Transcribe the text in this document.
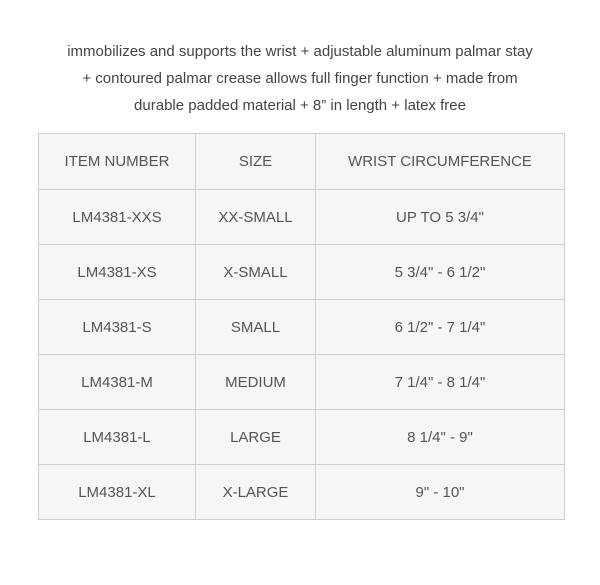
immobilizes and supports the wrist + adjustable aluminum palmar stay
+ contoured palmar crease allows full finger function + made from
durable padded material + 8” in length + latex free
ITEM NUMBER	SIZE	WRIST CIRCUMFERENCE
LM4381-XXS	XX-SMALL	UP TO 5 3/4"
LM4381-XS	X-SMALL	5 3/4" - 6 1/2"
LM4381-S	SMALL	6 1/2" - 7 1/4"
LM4381-M	MEDIUM	7 1/4" - 8 1/4"
LM4381-L	LARGE	8 1/4" - 9"
LM4381-XL	X-LARGE	9" - 10"
